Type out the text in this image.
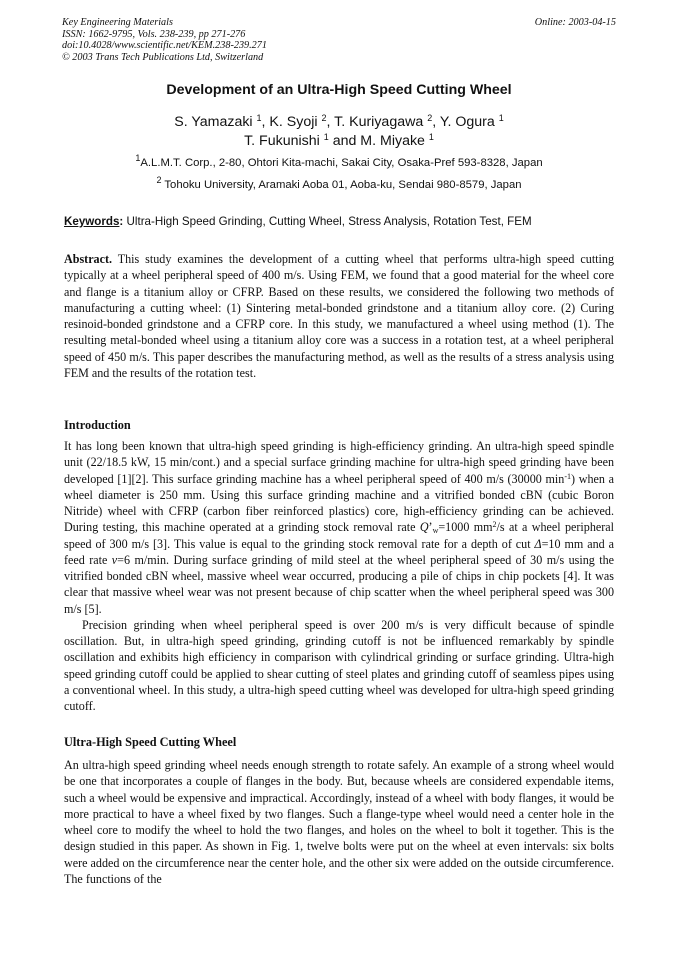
Key Engineering Materials
ISSN: 1662-9795, Vols. 238-239, pp 271-276
doi:10.4028/www.scientific.net/KEM.238-239.271
© 2003 Trans Tech Publications Ltd, Switzerland
Online: 2003-04-15
Development of an Ultra-High Speed Cutting Wheel
S. Yamazaki $^1$, K. Syoji $^2$, T. Kuriyagawa $^2$, Y. Ogura $^1$
T. Fukunishi $^1$ and M. Miyake $^1$
$^1$A.L.M.T. Corp., 2-80, Ohtori Kita-machi, Sakai City, Osaka-Pref 593-8328, Japan
$^2$ Tohoku University, Aramaki Aoba 01, Aoba-ku, Sendai 980-8579, Japan
Keywords: Ultra-High Speed Grinding, Cutting Wheel, Stress Analysis, Rotation Test, FEM

Abstract. This study examines the development of a cutting wheel that performs ultra-high speed cutting typically at a wheel peripheral speed of 400 m/s. Using FEM, we found that a good material for the wheel core and flange is a titanium alloy or CFRP. Based on these results, we considered the following two methods of manufacturing a cutting wheel: (1) Sintering metal-bonded grindstone and a titanium alloy core. (2) Curing resinoid-bonded grindstone and a CFRP core. In this study, we manufactured a wheel using method (1). The resulting metal-bonded wheel using a titanium alloy core was a success in a rotation test, at a wheel peripheral speed of 450 m/s. This paper describes the manufacturing method, as well as the results of a stress analysis using FEM and the results of the rotation test.

Introduction

It has long been known that ultra-high speed grinding is high-efficiency grinding. An ultra-high speed spindle unit (22/18.5 kW, 15 min/cont.) and a special surface grinding machine for ultra-high speed grinding have been developed [1][2]. This surface grinding machine has a wheel peripheral speed of 400 m/s (30000 $\min^{-1}$) when a wheel diameter is 250 mm. Using this surface grinding machine and a vitrified bonded cBN (cubic Boron Nitride) wheel with CFRP (carbon fiber reinforced plastics) core, high-efficiency grinding can be achieved. During testing, this machine operated at a grinding stock removal rate $Q’_w=1000$ $mm^2/s$ at a wheel peripheral speed of 300 m/s [3]. This value is equal to the grinding stock removal rate for a depth of cut Δ=10 mm and a feed rate v=6 m/min. During surface grinding of mild steel at the wheel peripheral speed of 30 m/s using the vitrified bonded cBN wheel, massive wheel wear occurred, producing a pile of chips in chip pockets [4]. It was clear that massive wheel wear was not present because of chip scatter when the wheel peripheral speed was 300 m/s [5].

Precision grinding when wheel peripheral speed is over 200 m/s is very difficult because of spindle oscillation. But, in ultra-high speed grinding, grinding cutoff is not be influenced remarkably by spindle oscillation and exhibits high efficiency in comparison with cylindrical grinding or surface grinding. Ultra-high speed grinding cutoff could be applied to shear cutting of steel plates and grinding cutoff of seamless pipes using a conventional wheel. In this study, a ultra-high speed cutting wheel was developed for ultra-high speed grinding cutoff.

Ultra-High Speed Cutting Wheel

An ultra-high speed grinding wheel needs enough strength to rotate safely. An example of a strong wheel would be one that incorporates a couple of flanges in the body. But, because wheels are considered expendable items, such a wheel would be expensive and impractical. Accordingly, instead of a wheel with body flanges, it would be more practical to have a wheel fixed by two flanges. Such a flange-type wheel would need a center hole in the wheel core to modify the wheel to hold the two flanges, and holes on the wheel to bolt it together. This is the design studied in this paper. As shown in Fig. 1, twelve bolts were put on the wheel at even intervals: six bolts were added on the circumference near the center hole, and the other six were added on the outside circumference. The functions of the
